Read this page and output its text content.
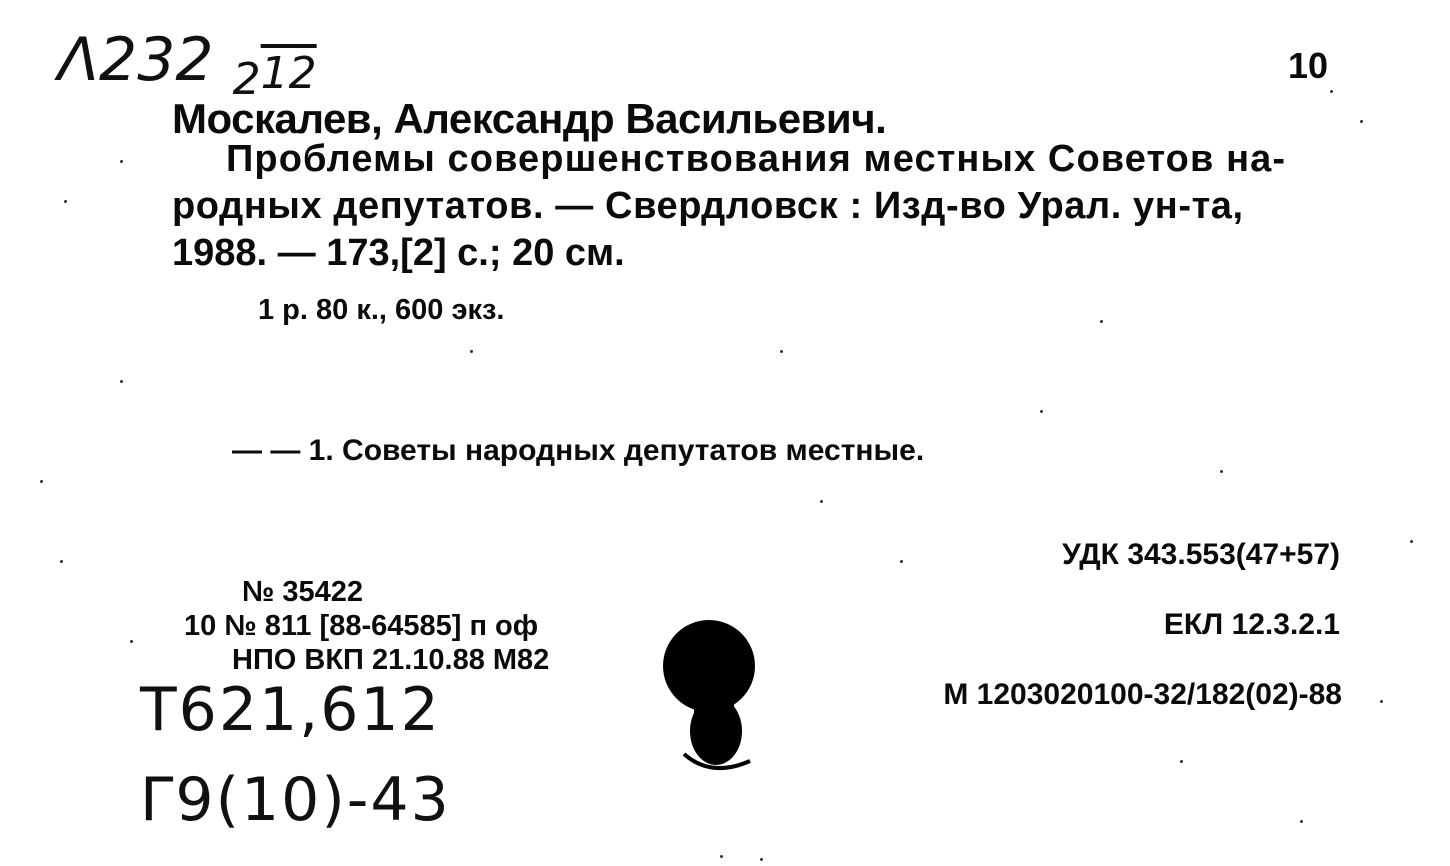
Λ232 $_2$12	10
Москалев, Александр Васильевич.
Проблемы совершенствования местных Советов на-
родных депутатов. — Свердловск : Изд-во Урал. ун-та,
1988. — 173,[2] с.; 20 см.
1 р. 80 к., 600 экз.
— — 1. Советы народных депутатов местные.
УДК 343.553(47+57)
ЕКЛ 12.3.2.1
М 1203020100-32/182(02)-88
№ 35422
10 № 811 [88-64585] п оф
НПО ВКП 21.10.88 М82
T621,612
Γ9(10)-43
